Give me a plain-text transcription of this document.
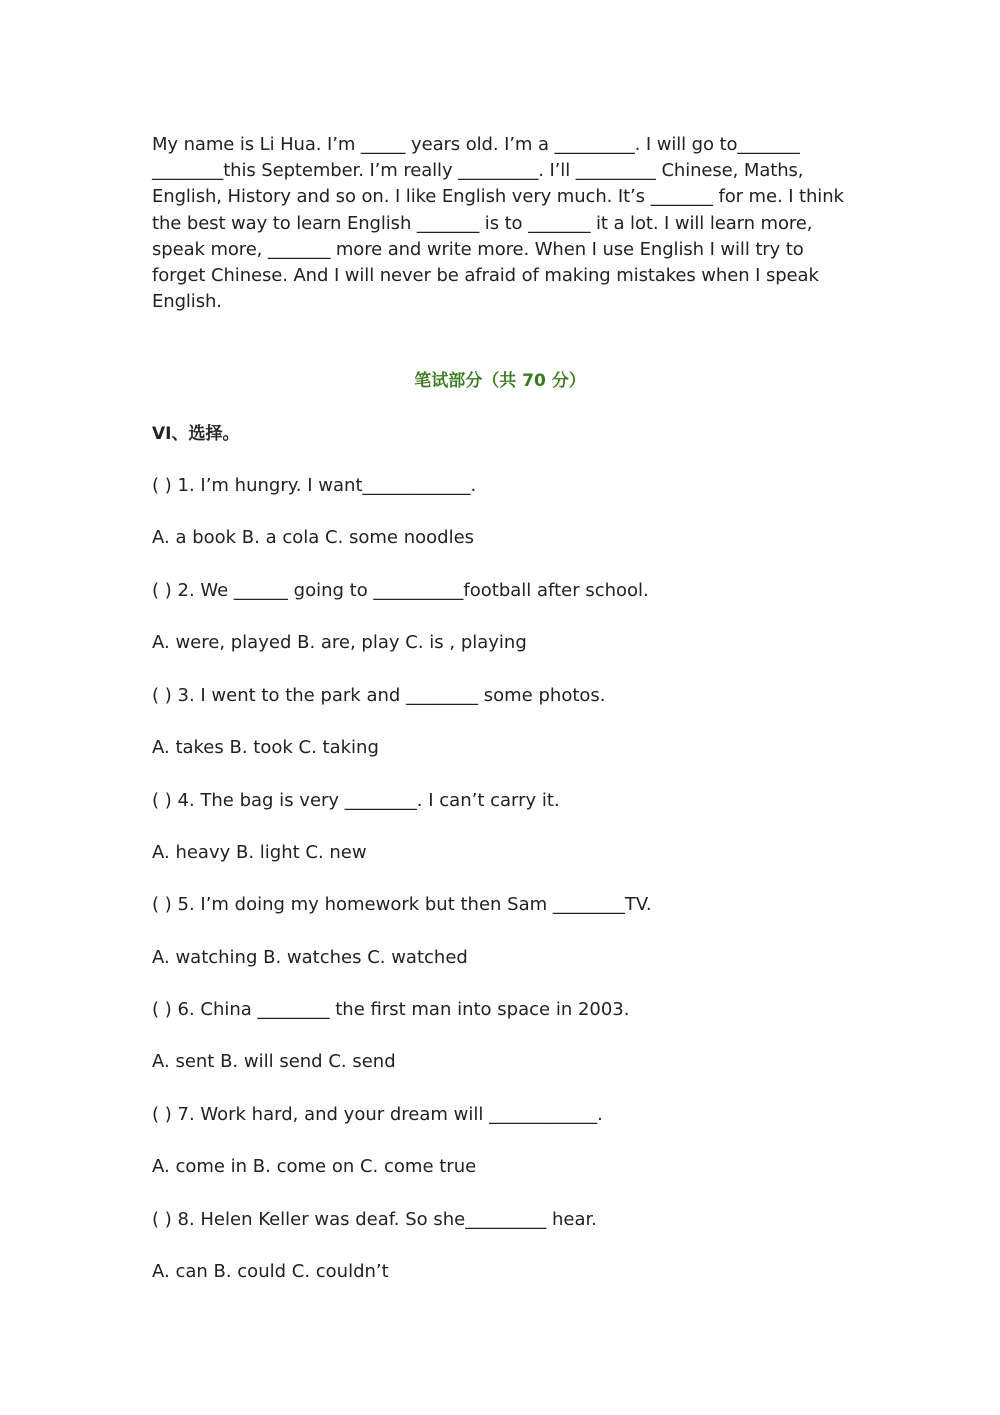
My name is Li Hua. I’m _____ years old. I’m a _________. I will go to_______
________this September. I’m really _________. I’ll _________ Chinese, Maths,
English, History and so on. I like English very much. It’s _______ for me. I think
the best way to learn English _______ is to _______ it a lot. I will learn more,
speak more, _______ more and write more. When I use English I will try to
forget Chinese. And I will never be afraid of making mistakes when I speak
English.
笔试部分（共 70 分）
VI、选择。
( ) 1. I’m hungry. I want____________.
A. a book B. a cola C. some noodles
( ) 2. We ______ going to __________football after school.
A. were, played B. are, play C. is , playing
( ) 3. I went to the park and ________ some photos.
A. takes B. took C. taking
( ) 4. The bag is very ________. I can’t carry it.
A. heavy B. light C. new
( ) 5. I’m doing my homework but then Sam ________TV.
A. watching B. watches C. watched
( ) 6. China ________ the first man into space in 2003.
A. sent B. will send C. send
( ) 7. Work hard, and your dream will ____________.
A. come in B. come on C. come true
( ) 8. Helen Keller was deaf. So she_________ hear.
A. can B. could C. couldn’t
